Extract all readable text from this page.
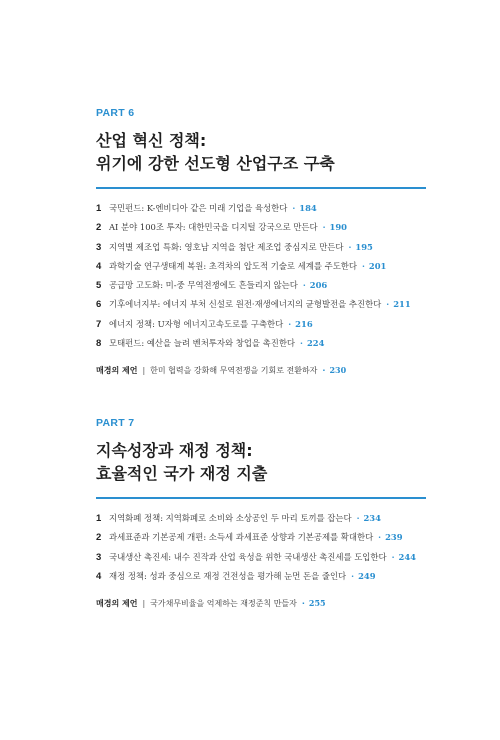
PART 6

산업 혁신 정책:
위기에 강한 선도형 산업구조 구축
1 국민펀드: K-엔비디아 같은 미래 기업을 육성한다 · 184
2 AI 분야 100조 투자: 대한민국을 디지털 강국으로 만든다 · 190
3 지역별 제조업 특화: 영호남 지역을 첨단 제조업 중심지로 만든다 · 195
4 과학기술 연구생태계 복원: 초격차의 압도적 기술로 세계를 주도한다 · 201
5 공급망 고도화: 미-중 무역전쟁에도 흔들리지 않는다 · 206
6 기후에너지부: 에너지 부처 신설로 원전·재생에너지의 균형발전을 추진한다 · 211
7 에너지 정책: U자형 에너지고속도로를 구축한다 · 216
8 모태펀드: 예산을 늘려 벤처투자와 창업을 촉진한다 · 224
매경의 제언 | 한미 협력을 강화해 무역전쟁을 기회로 전환하자 · 230

PART 7

지속성장과 재정 정책:
효율적인 국가 재정 지출
1 지역화폐 정책: 지역화폐로 소비와 소상공인 두 마리 토끼를 잡는다 · 234
2 과세표준과 기본공제 개편: 소득세 과세표준 상향과 기본공제를 확대한다 · 239
3 국내생산 촉진세: 내수 진작과 산업 육성을 위한 국내생산 촉진세를 도입한다 · 244
4 재정 정책: 성과 중심으로 재정 건전성을 평가해 눈먼 돈을 줄인다 · 249
매경의 제언 | 국가채무비율을 억제하는 재정준칙 만들자 · 255
